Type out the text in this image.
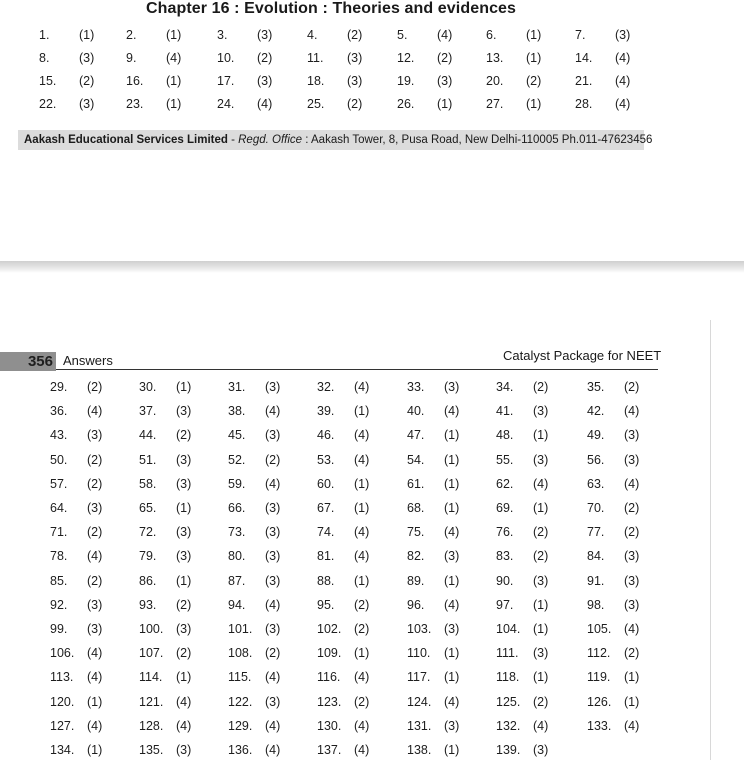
Chapter 16 : Evolution : Theories and evidences
1. (1)	2. (1)	3. (3)	4. (2)	5. (4)	6. (1)	7. (3)
8. (3)	9. (4)	10. (2)	11. (3)	12. (2)	13. (1)	14. (4)
15. (2)	16. (1)	17. (3)	18. (3)	19. (3)	20. (2)	21. (4)
22. (3)	23. (1)	24. (4)	25. (2)	26. (1)	27. (1)	28. (4)
Aakash Educational Services Limited - Regd. Office : Aakash Tower, 8, Pusa Road, New Delhi-110005 Ph.011-47623456
356 Answers	Catalyst Package for NEET
29. (2)	30. (1)	31. (3)	32. (4)	33. (3)	34. (2)	35. (2)
36. (4)	37. (3)	38. (4)	39. (1)	40. (4)	41. (3)	42. (4)
43. (3)	44. (2)	45. (3)	46. (4)	47. (1)	48. (1)	49. (3)
50. (2)	51. (3)	52. (2)	53. (4)	54. (1)	55. (3)	56. (3)
57. (2)	58. (3)	59. (4)	60. (1)	61. (1)	62. (4)	63. (4)
64. (3)	65. (1)	66. (3)	67. (1)	68. (1)	69. (1)	70. (2)
71. (2)	72. (3)	73. (3)	74. (4)	75. (4)	76. (2)	77. (2)
78. (4)	79. (3)	80. (3)	81. (4)	82. (3)	83. (2)	84. (3)
85. (2)	86. (1)	87. (3)	88. (1)	89. (1)	90. (3)	91. (3)
92. (3)	93. (2)	94. (4)	95. (2)	96. (4)	97. (1)	98. (3)
99. (3)	100. (3)	101. (3)	102. (2)	103. (3)	104. (1)	105. (4)
106. (4)	107. (2)	108. (2)	109. (1)	110. (1)	111. (3)	112. (2)
113. (4)	114. (1)	115. (4)	116. (4)	117. (1)	118. (1)	119. (1)
120. (1)	121. (4)	122. (3)	123. (2)	124. (4)	125. (2)	126. (1)
127. (4)	128. (4)	129. (4)	130. (4)	131. (3)	132. (4)	133. (4)
134. (1)	135. (3)	136. (4)	137. (4)	138. (1)	139. (3)
